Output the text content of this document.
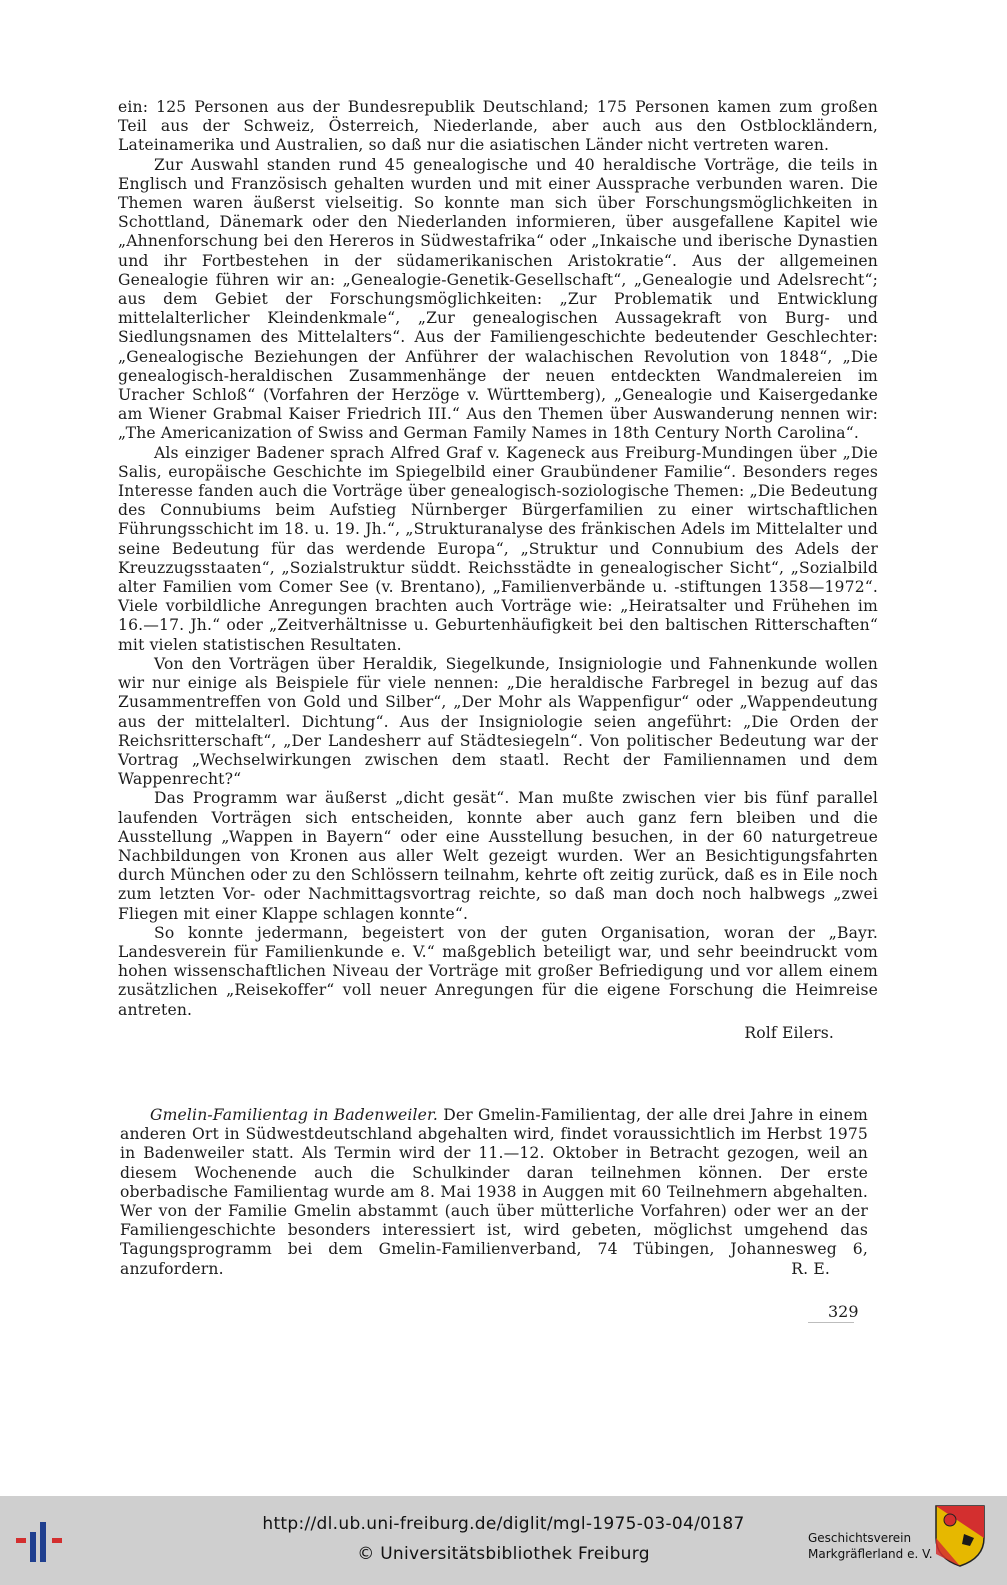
ein: 125 Personen aus der Bundesrepublik Deutschland; 175 Personen kamen zum großen Teil aus der Schweiz, Österreich, Niederlande, aber auch aus den Ostblockländern, Lateinamerika und Australien, so daß nur die asiatischen Länder nicht vertreten waren.

Zur Auswahl standen rund 45 genealogische und 40 heraldische Vorträge, die teils in Englisch und Französisch gehalten wurden und mit einer Aussprache verbunden waren. Die Themen waren äußerst vielseitig. So konnte man sich über Forschungsmöglichkeiten in Schottland, Dänemark oder den Niederlanden informieren, über ausgefallene Kapitel wie „Ahnenforschung bei den Hereros in Südwestafrika“ oder „Inkaische und iberische Dynastien und ihr Fortbestehen in der südamerikanischen Aristokratie“. Aus der allgemeinen Genealogie führen wir an: „Genealogie-Genetik-Gesellschaft“, „Genealogie und Adelsrecht“; aus dem Gebiet der Forschungsmöglichkeiten: „Zur Problematik und Entwicklung mittelalterlicher Kleindenkmale“, „Zur genealogischen Aussagekraft von Burg- und Siedlungsnamen des Mittelalters“. Aus der Familiengeschichte bedeutender Geschlechter: „Genealogische Beziehungen der Anführer der walachischen Revolution von 1848“, „Die genealogisch-heraldischen Zusammenhänge der neuen entdeckten Wandmalereien im Uracher Schloß“ (Vorfahren der Herzöge v. Württemberg), „Genealogie und Kaisergedanke am Wiener Grabmal Kaiser Friedrich III.“ Aus den Themen über Auswanderung nennen wir: „The Americanization of Swiss and German Family Names in 18th Century North Carolina“.

Als einziger Badener sprach Alfred Graf v. Kageneck aus Freiburg-Mundingen über „Die Salis, europäische Geschichte im Spiegelbild einer Graubündener Familie“. Besonders reges Interesse fanden auch die Vorträge über genealogisch-soziologische Themen: „Die Bedeutung des Connubiums beim Aufstieg Nürnberger Bürgerfamilien zu einer wirtschaftlichen Führungsschicht im 18. u. 19. Jh.“, „Strukturanalyse des fränkischen Adels im Mittelalter und seine Bedeutung für das werdende Europa“, „Struktur und Connubium des Adels der Kreuzzugsstaaten“, „Sozialstruktur süddt. Reichsstädte in genealogischer Sicht“, „Sozialbild alter Familien vom Comer See (v. Brentano), „Familienverbände u. -stiftungen 1358—1972“. Viele vorbildliche Anregungen brachten auch Vorträge wie: „Heiratsalter und Frühehen im 16.—17. Jh.“ oder „Zeitverhältnisse u. Geburtenhäufigkeit bei den baltischen Ritterschaften“ mit vielen statistischen Resultaten.

Von den Vorträgen über Heraldik, Siegelkunde, Insigniologie und Fahnenkunde wollen wir nur einige als Beispiele für viele nennen: „Die heraldische Farbregel in bezug auf das Zusammentreffen von Gold und Silber“, „Der Mohr als Wappenfigur“ oder „Wappendeutung aus der mittelalterl. Dichtung“. Aus der Insigniologie seien angeführt: „Die Orden der Reichsritterschaft“, „Der Landesherr auf Städtesiegeln“. Von politischer Bedeutung war der Vortrag „Wechselwirkungen zwischen dem staatl. Recht der Familiennamen und dem Wappenrecht?“

Das Programm war äußerst „dicht gesät“. Man mußte zwischen vier bis fünf parallel laufenden Vorträgen sich entscheiden, konnte aber auch ganz fern bleiben und die Ausstellung „Wappen in Bayern“ oder eine Ausstellung besuchen, in der 60 naturgetreue Nachbildungen von Kronen aus aller Welt gezeigt wurden. Wer an Besichtigungsfahrten durch München oder zu den Schlössern teilnahm, kehrte oft zeitig zurück, daß es in Eile noch zum letzten Vor- oder Nachmittagsvortrag reichte, so daß man doch noch halbwegs „zwei Fliegen mit einer Klappe schlagen konnte“.

So konnte jedermann, begeistert von der guten Organisation, woran der „Bayr. Landesverein für Familienkunde e. V.“ maßgeblich beteiligt war, und sehr beeindruckt vom hohen wissenschaftlichen Niveau der Vorträge mit großer Befriedigung und vor allem einem zusätzlichen „Reisekoffer“ voll neuer Anregungen für die eigene Forschung die Heimreise antreten.

Rolf Eilers.

Gmelin-Familientag in Badenweiler. Der Gmelin-Familientag, der alle drei Jahre in einem anderen Ort in Südwestdeutschland abgehalten wird, findet voraussichtlich im Herbst 1975 in Badenweiler statt. Als Termin wird der 11.—12. Oktober in Betracht gezogen, weil an diesem Wochenende auch die Schulkinder daran teilnehmen können. Der erste oberbadische Familientag wurde am 8. Mai 1938 in Auggen mit 60 Teilnehmern abgehalten. Wer von der Familie Gmelin abstammt (auch über mütterliche Vorfahren) oder wer an der Familiengeschichte besonders interessiert ist, wird gebeten, möglichst umgehend das Tagungsprogramm bei dem Gmelin-Familienverband, 74 Tübingen, Johannesweg 6, anzufordern.	R. E.

329
http://dl.ub.uni-freiburg.de/diglit/mgl-1975-03-04/0187
© Universitätsbibliothek Freiburg
Geschichtsverein
Markgräflerland e. V.
